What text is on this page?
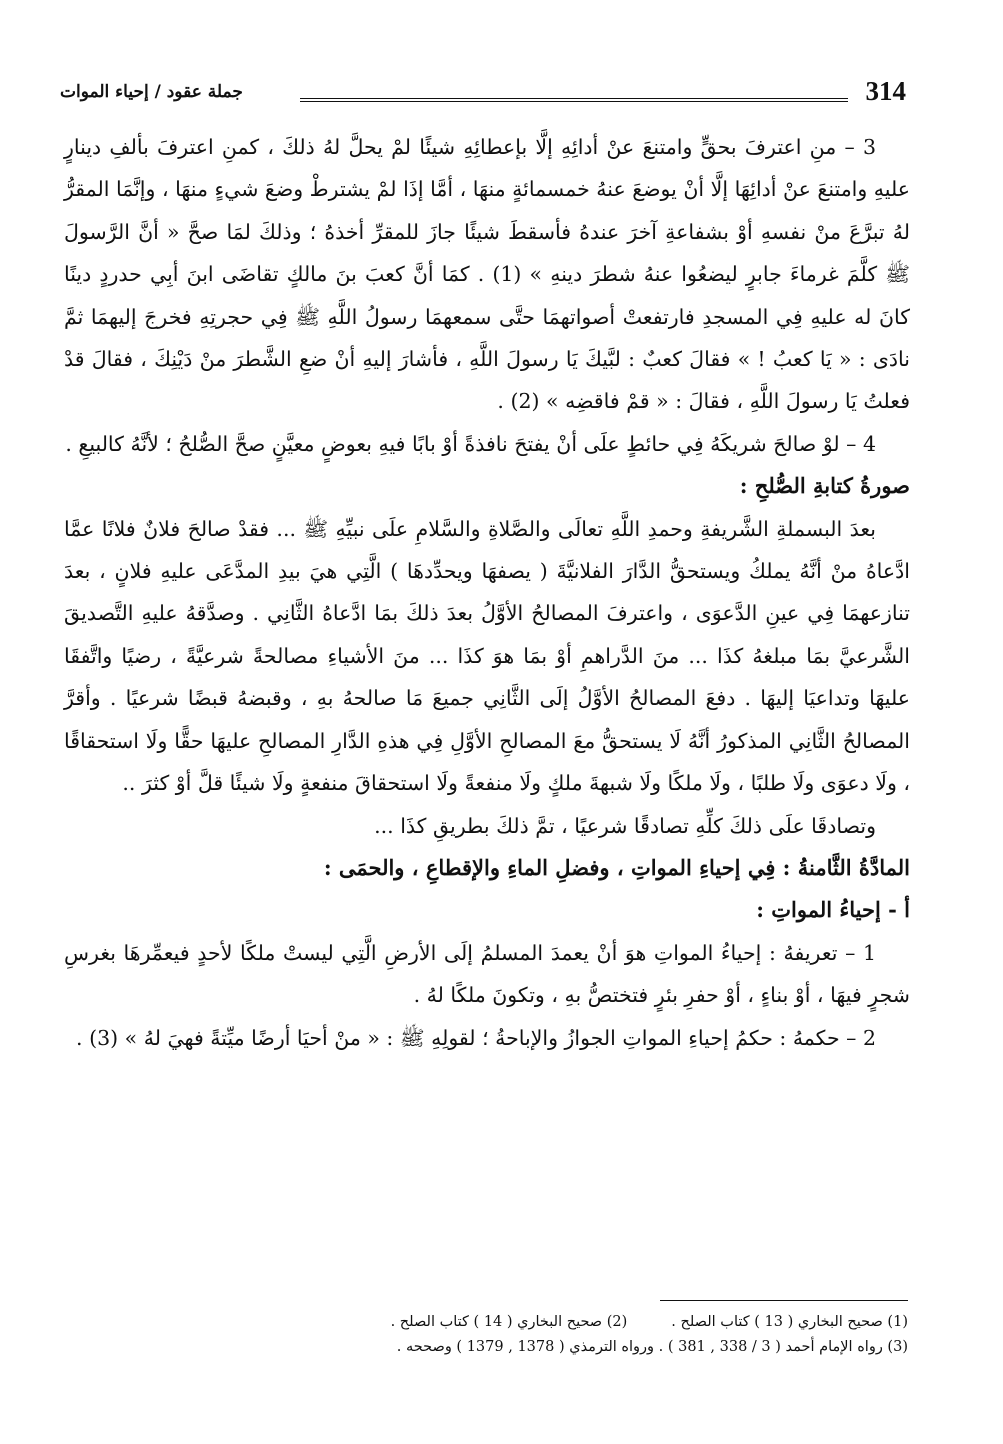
314
جملة عقود / إحياء الموات

3 – منِ اعترفَ بحقٍّ وامتنعَ عنْ أدائِهِ إلَّا بإعطائِهِ شيئًا لمْ يحلَّ لهُ ذلكَ ، كمنِ اعترفَ بألفِ دينارٍ عليهِ وامتنعَ عنْ أدائِهَا إلَّا أنْ يوضعَ عنهُ خمسمائةٍ منهَا ، أمَّا إذَا لمْ يشترطْ وضعَ شيءٍ منهَا ، وإنَّمَا المقرُّ لهُ تبرَّعَ منْ نفسهِ أوْ بشفاعةِ آخرَ عندهُ فأسقطَ شيئًا جازَ للمقرِّ أخذهُ ؛ وذلكَ لمَا صحَّ « أنَّ الرَّسولَ ﷺ كلَّمَ غرماءَ جابرٍ ليضعُوا عنهُ شطرَ دينهِ » (1) . كمَا أنَّ كعبَ بنَ مالكٍ تقاضَى ابنَ أبِي حدردٍ دينًا كانَ له عليهِ فِي المسجدِ فارتفعتْ أصواتهمَا حتَّى سمعهمَا رسولُ اللَّهِ ﷺ فِي حجرتِهِ فخرجَ إليهمَا ثمَّ نادَى : « يَا كعبُ ! » فقالَ كعبٌ : لبَّيكَ يَا رسولَ اللَّهِ ، فأشارَ إليهِ أنْ ضعِ الشَّطرَ منْ دَيْنِكَ ، فقالَ قدْ فعلتُ يَا رسولَ اللَّهِ ، فقالَ : « قمْ فاقضِه » (2) .

4 – لوْ صالحَ شريكَهُ فِي حائطٍ علَى أنْ يفتحَ نافذةً أوْ بابًا فيهِ بعوضٍ معيَّنٍ صحَّ الصُّلحُ ؛ لأنَّهُ كالبيعِ .

صورةُ كتابةِ الصُّلحِ :

بعدَ البسملةِ الشَّريفةِ وحمدِ اللَّهِ تعالَى والصَّلاةِ والسَّلامِ علَى نبيِّهِ ﷺ ... فقدْ صالحَ فلانٌ فلانًا عمَّا ادَّعاهُ منْ أنَّهُ يملكُ ويستحقُّ الدَّارَ الفلانيَّةَ ( يصفهَا ويحدِّدهَا ) الَّتِي هيَ بيدِ المدَّعَى عليهِ فلانٍ ، بعدَ تنازعهمَا فِي عينِ الدَّعوَى ، واعترفَ المصالحُ الأوَّلُ بعدَ ذلكَ بمَا ادَّعاهُ الثَّانِي . وصدَّقهُ عليهِ التَّصديقَ الشَّرعيَّ بمَا مبلغهُ كذَا ... منَ الدَّراهمِ أوْ بمَا هوَ كذَا ... منَ الأشياءِ مصالحةً شرعيَّةً ، رضيًا واتَّفقَا عليهَا وتداعيَا إليهَا . دفعَ المصالحُ الأوَّلُ إلَى الثَّانِي جميعَ مَا صالحهُ بهِ ، وقبضهُ قبضًا شرعيًا . وأقرَّ المصالحُ الثَّانِي المذكورُ أنَّهُ لَا يستحقُّ معَ المصالحِ الأوَّلِ فِي هذهِ الدَّارِ المصالحِ عليهَا حقًّا ولَا استحقاقًا ، ولَا دعوَى ولَا طلبًا ، ولَا ملكًا ولَا شبهةَ ملكٍ ولَا منفعةً ولَا استحقاقَ منفعةٍ ولَا شيئًا قلَّ أوْ كثرَ ..

وتصادقَا علَى ذلكَ كلِّهِ تصادقًا شرعيًا ، تمَّ ذلكَ بطريقِ كذَا ...

المادَّةُ الثَّامنةُ : فِي إحياءِ المواتِ ، وفضلِ الماءِ والإقطاعِ ، والحمَى :

أ - إحياءُ المواتِ :

1 – تعريفهُ : إحياءُ المواتِ هوَ أنْ يعمدَ المسلمُ إلَى الأرضِ الَّتِي ليستْ ملكًا لأحدٍ فيعمِّرهَا بغرسِ شجرٍ فيهَا ، أوْ بناءٍ ، أوْ حفرِ بئرٍ فتختصُّ بهِ ، وتكونَ ملكًا لهُ .

2 – حكمهُ : حكمُ إحياءِ المواتِ الجوازُ والإباحةُ ؛ لقولِهِ ﷺ : « منْ أحيَا أرضًا ميِّتةً فهيَ لهُ » (3) .

(1) صحيح البخاري ( 13 ) كتاب الصلح .(2) صحيح البخاري ( 14 ) كتاب الصلح .

(3) رواه الإمام أحمد ( 3 / 338 , 381 ) . ورواه الترمذي ( 1378 , 1379 ) وصححه .
